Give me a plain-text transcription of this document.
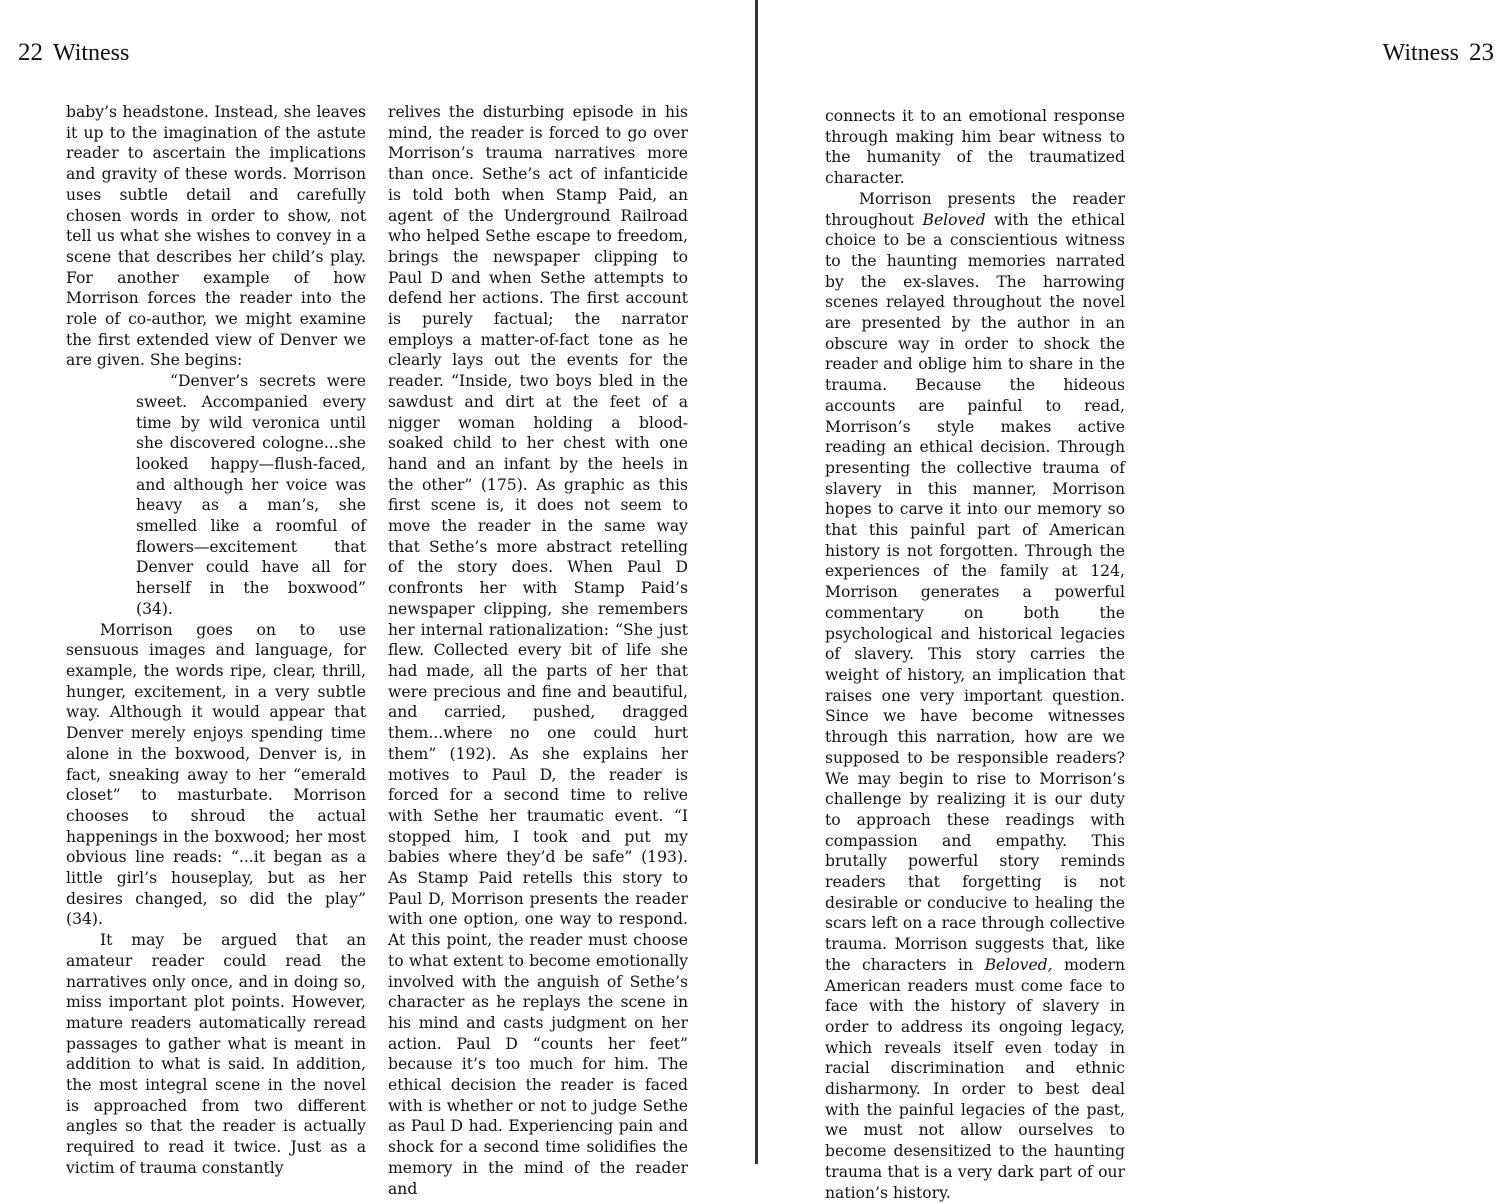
22 Witness

baby’s headstone. Instead, she leaves it up to the imagination of the astute reader to ascertain the implications and gravity of these words. Morrison uses subtle detail and carefully chosen words in order to show, not tell us what she wishes to convey in a scene that describes her child’s play. For another example of how Morrison forces the reader into the role of co-author, we might examine the first extended view of Denver we are given. She begins:

“Denver’s secrets were sweet. Accompanied every time by wild veronica until she discovered cologne...she looked happy—flush-faced, and although her voice was heavy as a man’s, she smelled like a roomful of flowers—excitement that Denver could have all for herself in the boxwood” (34).

Morrison goes on to use sensuous images and language, for example, the words ripe, clear, thrill, hunger, excitement, in a very subtle way. Although it would appear that Denver merely enjoys spending time alone in the boxwood, Denver is, in fact, sneaking away to her “emerald closet” to masturbate. Morrison chooses to shroud the actual happenings in the boxwood; her most obvious line reads: “...it began as a little girl’s houseplay, but as her desires changed, so did the play” (34).

It may be argued that an amateur reader could read the narratives only once, and in doing so, miss important plot points. However, mature readers automatically reread passages to gather what is meant in addition to what is said. In addition, the most integral scene in the novel is approached from two different angles so that the reader is actually required to read it twice. Just as a victim of trauma constantly

relives the disturbing episode in his mind, the reader is forced to go over Morrison’s trauma narratives more than once. Sethe’s act of infanticide is told both when Stamp Paid, an agent of the Underground Railroad who helped Sethe escape to freedom, brings the newspaper clipping to Paul D and when Sethe attempts to defend her actions. The first account is purely factual; the narrator employs a matter-of-fact tone as he clearly lays out the events for the reader. “Inside, two boys bled in the sawdust and dirt at the feet of a nigger woman holding a blood-soaked child to her chest with one hand and an infant by the heels in the other” (175). As graphic as this first scene is, it does not seem to move the reader in the same way that Sethe’s more abstract retelling of the story does. When Paul D confronts her with Stamp Paid’s newspaper clipping, she remembers her internal rationalization: “She just flew. Collected every bit of life she had made, all the parts of her that were precious and fine and beautiful, and carried, pushed, dragged them...where no one could hurt them” (192). As she explains her motives to Paul D, the reader is forced for a second time to relive with Sethe her traumatic event. “I stopped him, I took and put my babies where they’d be safe” (193). As Stamp Paid retells this story to Paul D, Morrison presents the reader with one option, one way to respond. At this point, the reader must choose to what extent to become emotionally involved with the anguish of Sethe’s character as he replays the scene in his mind and casts judgment on her action. Paul D “counts her feet” because it’s too much for him. The ethical decision the reader is faced with is whether or not to judge Sethe as Paul D had. Experiencing pain and shock for a second time solidifies the memory in the mind of the reader and

Witness 23

connects it to an emotional response through making him bear witness to the humanity of the traumatized character.

Morrison presents the reader throughout Beloved with the ethical choice to be a conscientious witness to the haunting memories narrated by the ex-slaves. The harrowing scenes relayed throughout the novel are presented by the author in an obscure way in order to shock the reader and oblige him to share in the trauma. Because the hideous accounts are painful to read, Morrison’s style makes active reading an ethical decision. Through presenting the collective trauma of slavery in this manner, Morrison hopes to carve it into our memory so that this painful part of American history is not forgotten. Through the experiences of the family at 124, Morrison generates a powerful commentary on both the psychological and historical legacies of slavery. This story carries the weight of history, an implication that raises one very important question. Since we have become witnesses through this narration, how are we supposed to be responsible readers? We may begin to rise to Morrison’s challenge by realizing it is our duty to approach these readings with compassion and empathy. This brutally powerful story reminds readers that forgetting is not desirable or conducive to healing the scars left on a race through collective trauma. Morrison suggests that, like the characters in Beloved, modern American readers must come face to face with the history of slavery in order to address its ongoing legacy, which reveals itself even today in racial discrimination and ethnic disharmony. In order to best deal with the painful legacies of the past, we must not allow ourselves to become desensitized to the haunting trauma that is a very dark part of our nation’s history.
